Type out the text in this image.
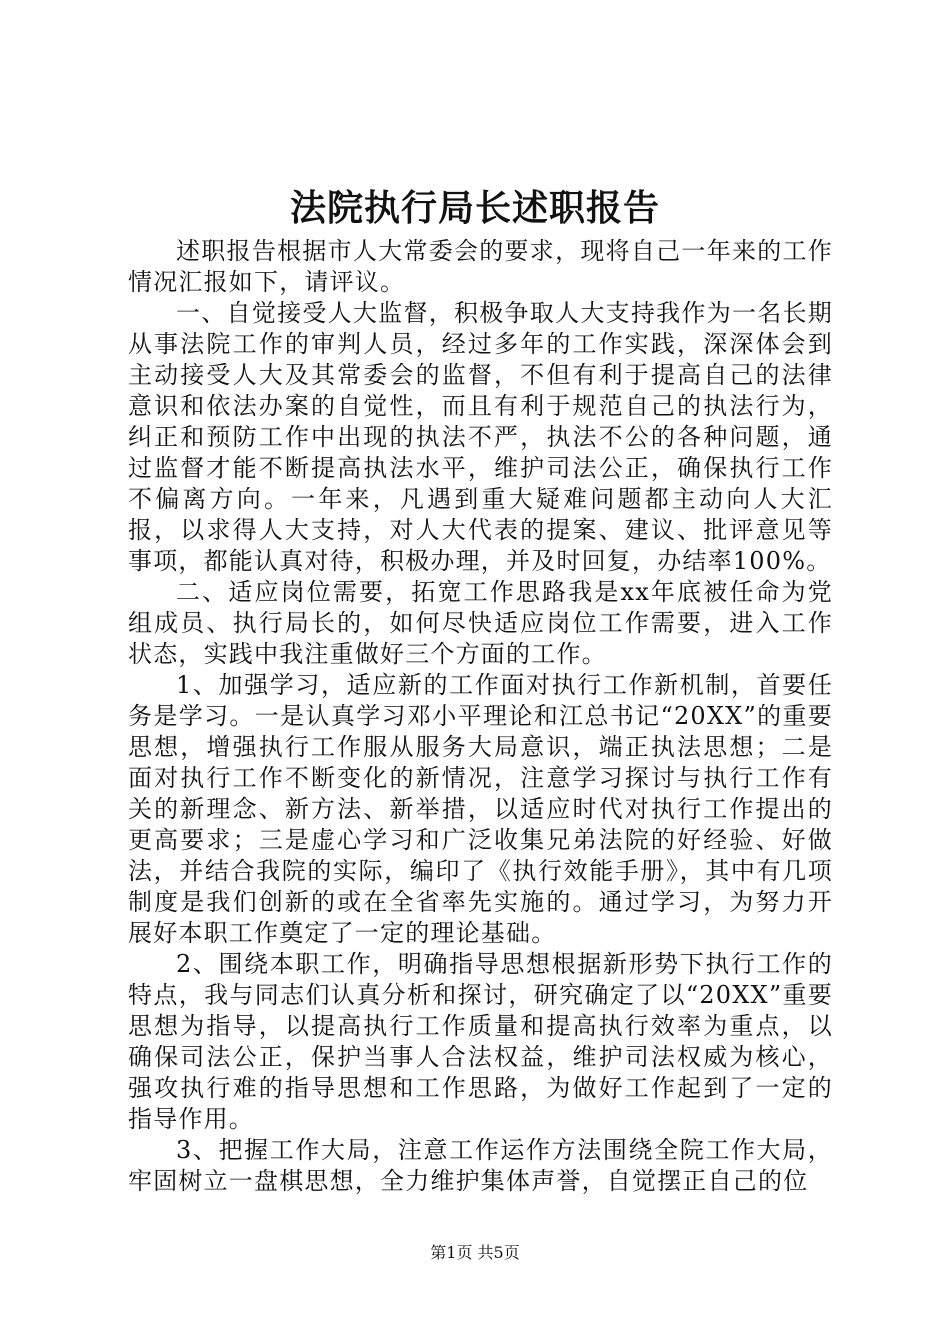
法院执行局长述职报告

述职报告根据市人大常委会的要求，现将自己一年来的工作情况汇报如下，请评议。

一、自觉接受人大监督，积极争取人大支持我作为一名长期从事法院工作的审判人员，经过多年的工作实践，深深体会到主动接受人大及其常委会的监督，不但有利于提高自己的法律意识和依法办案的自觉性，而且有利于规范自己的执法行为，纠正和预防工作中出现的执法不严，执法不公的各种问题，通过监督才能不断提高执法水平，维护司法公正，确保执行工作不偏离方向。一年来，凡遇到重大疑难问题都主动向人大汇报，以求得人大支持，对人大代表的提案、建议、批评意见等事项，都能认真对待，积极办理，并及时回复，办结率100%。

二、适应岗位需要，拓宽工作思路我是xx年底被任命为党组成员、执行局长的，如何尽快适应岗位工作需要，进入工作状态，实践中我注重做好三个方面的工作。

1、加强学习，适应新的工作面对执行工作新机制，首要任务是学习。一是认真学习邓小平理论和江总书记“20XX”的重要思想，增强执行工作服从服务大局意识，端正执法思想；二是面对执行工作不断变化的新情况，注意学习探讨与执行工作有关的新理念、新方法、新举措，以适应时代对执行工作提出的更高要求；三是虚心学习和广泛收集兄弟法院的好经验、好做法，并结合我院的实际，编印了《执行效能手册》，其中有几项制度是我们创新的或在全省率先实施的。通过学习，为努力开展好本职工作奠定了一定的理论基础。

2、围绕本职工作，明确指导思想根据新形势下执行工作的特点，我与同志们认真分析和探讨，研究确定了以“20XX”重要思想为指导，以提高执行工作质量和提高执行效率为重点，以确保司法公正，保护当事人合法权益，维护司法权威为核心，强攻执行难的指导思想和工作思路，为做好工作起到了一定的指导作用。

3、把握工作大局，注意工作运作方法围绕全院工作大局，牢固树立一盘棋思想，全力维护集体声誉，自觉摆正自己的位

第1页 共5页
